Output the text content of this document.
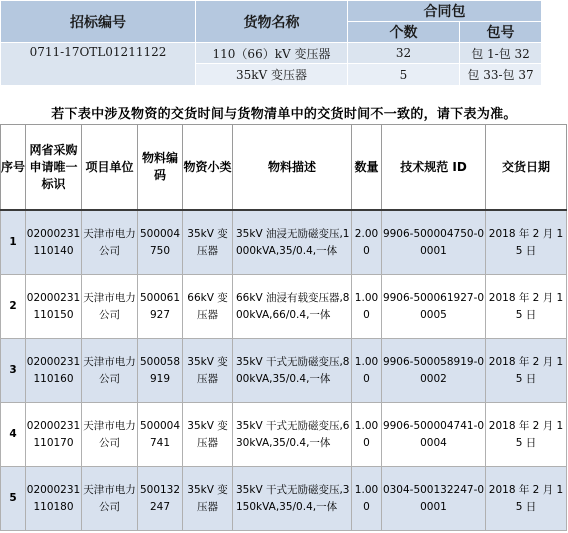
招标编号	货物名称	合同包	
		个数	包号
0711-17OTL01211122	110（66）kV 变压器	32	包 1-包 32
	35kV 变压器	5	包 33-包 37
若下表中涉及物资的交货时间与货物清单中的交货时间不一致的，请下表为准。
序号	网省采购申请唯一标识	项目单位	物料编码	物资小类	物料描述	数量	技术规范 ID	交货日期
1	02000231110140	天津市电力公司	500004750	35kV 变压器	35kV 油浸无励磁变压,1000kVA,35/0.4,一体	2.000	9906-500004750-00001	2018 年 2 月 15 日
2	02000231110150	天津市电力公司	500061927	66kV 变压器	66kV 油浸有载变压器,800kVA,66/0.4,一体	1.000	9906-500061927-00005	2018 年 2 月 15 日
3	02000231110160	天津市电力公司	500058919	35kV 变压器	35kV 干式无励磁变压,800kVA,35/0.4,一体	1.000	9906-500058919-00002	2018 年 2 月 15 日
4	02000231110170	天津市电力公司	500004741	35kV 变压器	35kV 干式无励磁变压,630kVA,35/0.4,一体	1.000	9906-500004741-00004	2018 年 2 月 15 日
5	02000231110180	天津市电力公司	500132247	35kV 变压器	35kV 干式无励磁变压,3150kVA,35/0.4,一体	1.000	0304-500132247-00001	2018 年 2 月 15 日
